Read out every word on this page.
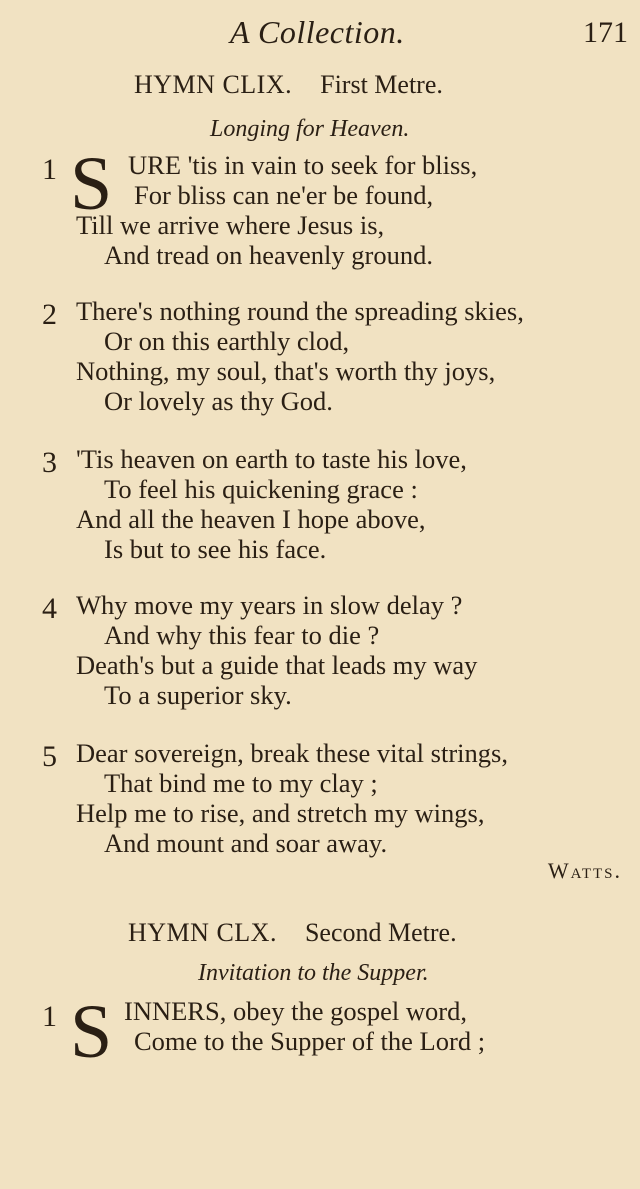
A Collection.	171
HYMN CLIX. First Metre.
Longing for Heaven.
1 S URE 'tis in vain to seek for bliss,
For bliss can ne'er be found,
Till we arrive where Jesus is,
And tread on heavenly ground.
2 There's nothing round the spreading skies,
Or on this earthly clod,
Nothing, my soul, that's worth thy joys,
Or lovely as thy God.
3 'Tis heaven on earth to taste his love,
To feel his quickening grace :
And all the heaven I hope above,
Is but to see his face.
4 Why move my years in slow delay ?
And why this fear to die ?
Death's but a guide that leads my way
To a superior sky.
5 Dear sovereign, break these vital strings,
That bind me to my clay ;
Help me to rise, and stretch my wings,
And mount and soar away.
Watts.
HYMN CLX. Second Metre.
Invitation to the Supper.
1 S INNERS, obey the gospel word,
Come to the Supper of the Lord ;
